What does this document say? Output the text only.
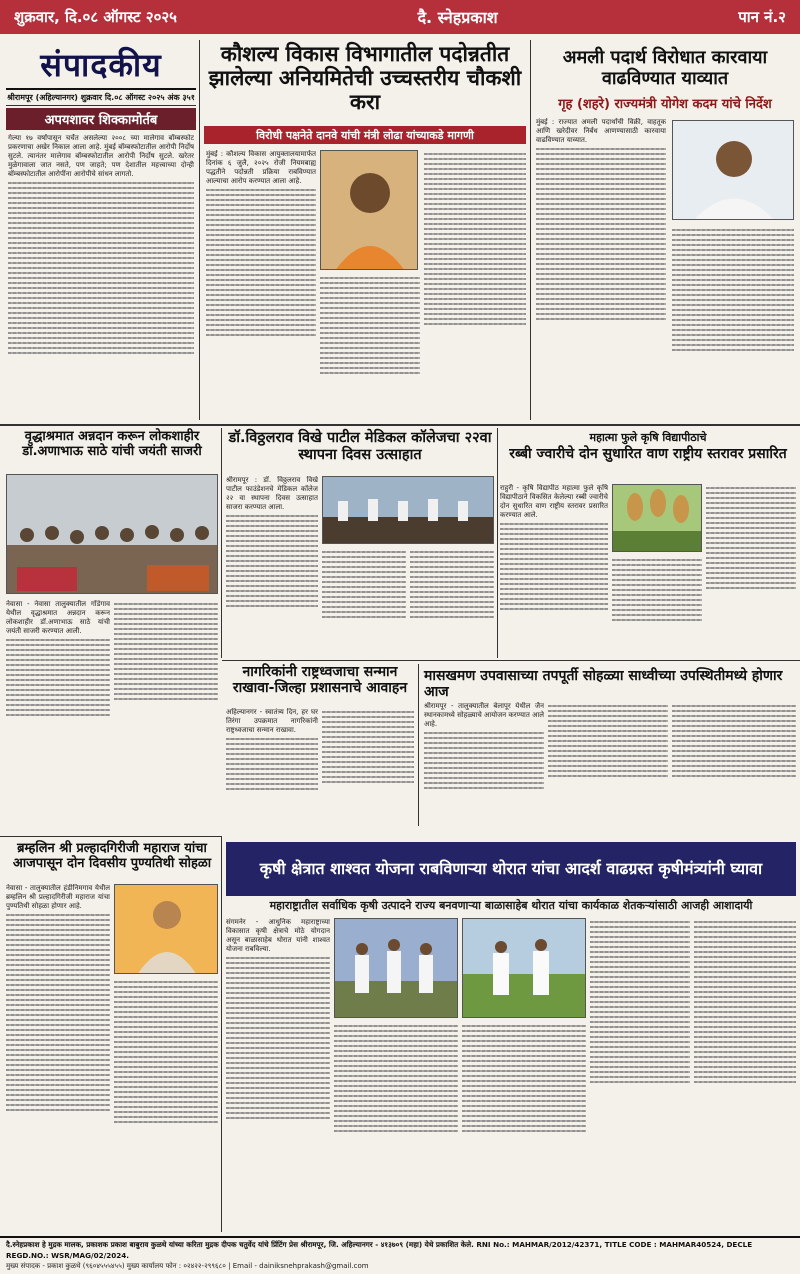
शुक्रवार, दि.०८ ऑगस्ट २०२५	दै. स्नेहप्रकाश	पान नं.२
संपादकीय
श्रीरामपूर (अहिल्यानगर) शुक्रवार दि.०८ ऑगस्ट २०२५ अंक ३५१
अपयशावर शिक्कामोर्तब

गेल्या १७ वर्षांपासून चर्चेत असलेल्या २००८ च्या मालेगाव बॉम्बस्फोट प्रकरणाचा अखेर निकाल आला आहे. मुंबई बॉम्बस्फोटातील आरोपी निर्दोष सुटले. त्यानंतर मालेगाव बॉम्बस्फोटातील आरोपी निर्दोष सुटले. खरेतर मुळेगावाला जात नसते, पण जाहते; पण देशातील महत्त्वाच्या दोन्ही बॉम्बस्फोटातील आरोपींना आरोपीचे सांधन लागतो.

कौशल्य विकास विभागातील पदोन्नतीत झालेल्या अनियमितेची उच्चस्तरीय चौकशी करा
विरोधी पक्षनेते दानवे यांची मंत्री लोढा यांच्याकडे मागणी

मुंबई : कौशल्य विकास आयुक्तालयामार्फत दिनांक ६ जुलै, २०२५ रोजी नियमबाह्य पद्धतीने पदोन्नती प्रक्रिया राबविण्यात आल्याचा आरोप करण्यात आला आहे.

अमली पदार्थ विरोधात कारवाया वाढविण्यात याव्यात
गृह (शहरे) राज्यमंत्री योगेश कदम यांचे निर्देश

मुंबई : राज्यात अमली पदार्थांची विक्री, वाहतूक आणि खरेदीवर निर्बंध आणण्यासाठी कारवाया वाढविण्यात याव्यात.

वृद्धाश्रमात अन्नदान करून लोकशाहीर डॉ.अणाभाऊ साठे यांची जयंती साजरी

नेवासा - नेवासा तालुक्यातील गोंडेगाव येथील वृद्धाश्रमात अन्नदान करून लोकशाहीर डॉ.अणाभाऊ साठे यांची जयंती साजरी करण्यात आली.

डॉ.विठ्ठलराव विखे पाटील मेडिकल कॉलेजचा २२वा स्थापना दिवस उत्साहात

श्रीरामपूर : डॉ. विठ्ठलराव विखे पाटील फाउंडेशनचे मेडिकल कॉलेज २२ वा स्थापना दिवस उत्साहात साजरा करण्यात आला.

महात्मा फुले कृषि विद्यापीठाचे
रब्बी ज्वारीचे दोन सुधारित वाण राष्ट्रीय स्तरावर प्रसारित

राहुरी - कृषि विद्यापीठ महात्मा फुले कृषि विद्यापीठाने विकसित केलेल्या रब्बी ज्वारीचे दोन सुधारित वाण राष्ट्रीय स्तरावर प्रसारित करण्यात आले.

नागरिकांनी राष्ट्रध्वजाचा सन्मान राखावा-जिल्हा प्रशासनाचे आवाहन

अहिल्यानगर - स्वातंत्र्य दिन, हर घर तिरंगा उपक्रमात नागरिकांनी राष्ट्रध्वजाचा सन्मान राखावा.

मासखमण उपवासाच्या तपपूर्ती सोहळ्या साध्वीच्या उपस्थितीमध्ये होणार आज

श्रीरामपूर - तालुक्यातील बेलापूर येथील जैन स्थानकामध्ये सोहळ्याचे आयोजन करण्यात आले आहे.

ब्रम्हलिन श्री प्रल्हादगिरीजी महाराज यांचा आजपासून दोन दिवसीय पुण्यतिथी सोहळा

नेवासा - तालुक्यातील हंडीनिमगाव येथील ब्रम्हलिन श्री प्रल्हादगिरीजी महाराज यांचा पुण्यतिथी सोहळा होणार आहे.

कृषी क्षेत्रात शाश्वत योजना राबविणाऱ्या थोरात यांचा आदर्श वाढग्रस्त कृषीमंत्र्यांनी घ्यावा
महाराष्ट्रातील सर्वाधिक कृषी उत्पादने राज्य बनवणाऱ्या बाळासाहेब थोरात यांचा कार्यकाळ शेतकऱ्यांसाठी आजही आशादायी

संगमनेर - आधुनिक महाराष्ट्राच्या विकासात कृषी क्षेत्राचे मोठे योगदान असून बाळासाहेब थोरात यांनी शाश्वत योजना राबविल्या.

दै.स्नेहप्रकाश हे मुद्रक मालक, प्रकाशक प्रकाश बाबुराव कुळथे यांच्या करिता मुद्रक दीपक चतुर्वेद यांचे प्रिंटिंग प्रेस श्रीरामपूर, जि. अहिल्यानगर - ४१३७०९ (महा) येथे प्रकाशित केले. RNI No.: MAHMAR/2012/42371, TITLE CODE : MAHMAR40524, DECLE REGD.NO.: WSR/MAG/02/2024.
मुख्य संपादक - प्रकाश कुळथे (९६०४५५५४५५) मुख्य कार्यालय फोन : ०२४२२-२९९६८० | Email - dainiksnehprakash@gmail.com
